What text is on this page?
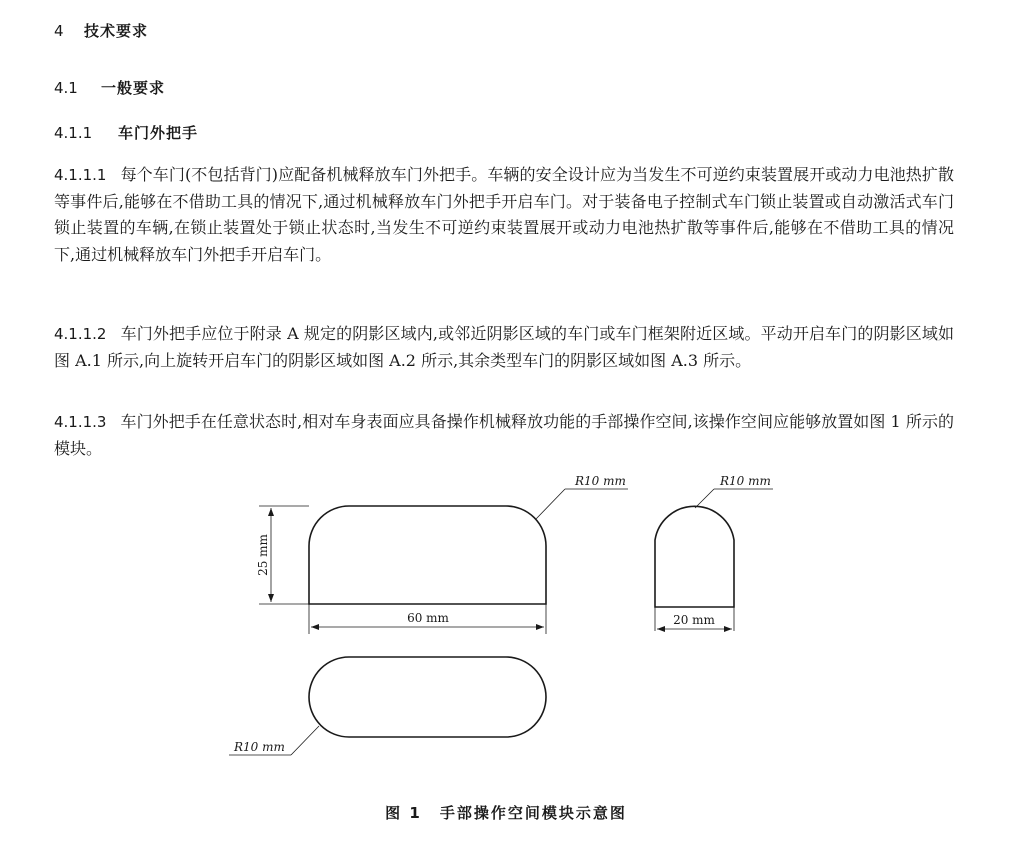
4 技术要求
4.1 一般要求
4.1.1 车门外把手
4.1.1.1 每个车门(不包括背门)应配备机械释放车门外把手。车辆的安全设计应为当发生不可逆约束装置展开或动力电池热扩散等事件后,能够在不借助工具的情况下,通过机械释放车门外把手开启车门。对于装备电子控制式车门锁止装置或自动激活式车门锁止装置的车辆,在锁止装置处于锁止状态时,当发生不可逆约束装置展开或动力电池热扩散等事件后,能够在不借助工具的情况下,通过机械释放车门外把手开启车门。
4.1.1.2 车门外把手应位于附录 A 规定的阴影区域内,或邻近阴影区域的车门或车门框架附近区域。平动开启车门的阴影区域如图 A.1 所示,向上旋转开启车门的阴影区域如图 A.2 所示,其余类型车门的阴影区域如图 A.3 所示。
4.1.1.3 车门外把手在任意状态时,相对车身表面应具备操作机械释放功能的手部操作空间,该操作空间应能够放置如图 1 所示的模块。
25 mm
60 mm
R10 mm
20 mm
R10 mm
R10 mm
图 1 手部操作空间模块示意图
